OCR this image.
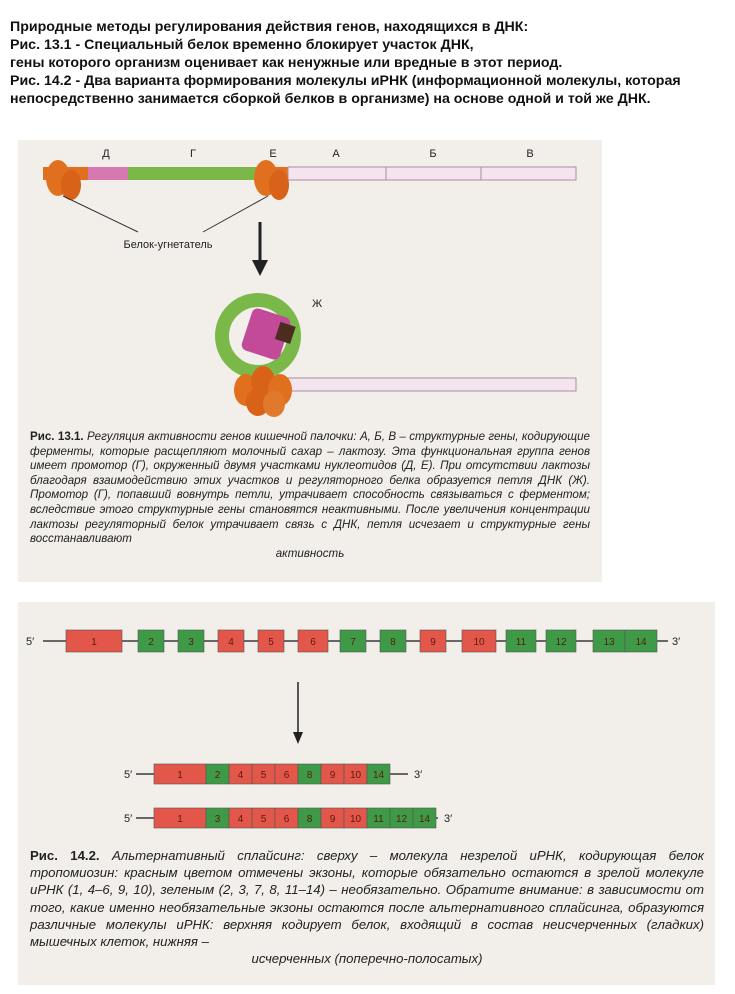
Природные методы регулирования действия генов, находящихся в ДНК:
Рис. 13.1 - Специальный белок временно блокирует участок ДНК,
гены которого организм оценивает как ненужные или вредные в этот период.
Рис. 14.2 - Два варианта формирования молекулы иРНК (информационной молекулы, которая
непосредственно занимается сборкой белков в организме) на основе одной и той же ДНК.
Д	Г	Е	А	Б	В
Белок-угнетатель
Ж
Рис. 13.1. Регуляция активности генов кишечной палочки: А, Б, В – структурные гены, кодирующие ферменты, которые расщепляют молочный сахар – лактозу. Эта функциональная группа генов имеет промотор (Г), окруженный двумя участками нуклеотидов (Д, Е). При отсутствии лактозы благодаря взаимодействию этих участков и регуляторного белка образуется петля ДНК (Ж). Промотор (Г), попавший вовнутрь петли, утрачивает способность связываться с ферментом; вследствие этого структурные гены становятся неактивными. После увеличения концентрации лактозы регуляторный белок утрачивает связь с ДНК, петля исчезает и структурные гены восстанавливают
активность
5′	3′
1	2	3	4	5	6	7	8	9	10	11	12	13 14
5′	3′
1	2 4 5 6 8 9 10 14
5′	3′
1	3 4 5 6 8 9 10 11 12 14
Рис. 14.2. Альтернативный сплайсинг: сверху – молекула незрелой иРНК, кодирующая белок тропомиозин: красным цветом отмечены экзоны, которые обязательно остаются в зрелой молекуле иРНК (1, 4–6, 9, 10), зеленым (2, 3, 7, 8, 11–14) – необязательно. Обратите внимание: в зависимости от того, какие именно необязательные экзоны остаются после альтернативного сплайсинга, образуются различные молекулы иРНК: верхняя кодирует белок, входящий в состав неисчерченных (гладких) мышечных клеток, нижняя –
исчерченных (поперечно-полосатых)
